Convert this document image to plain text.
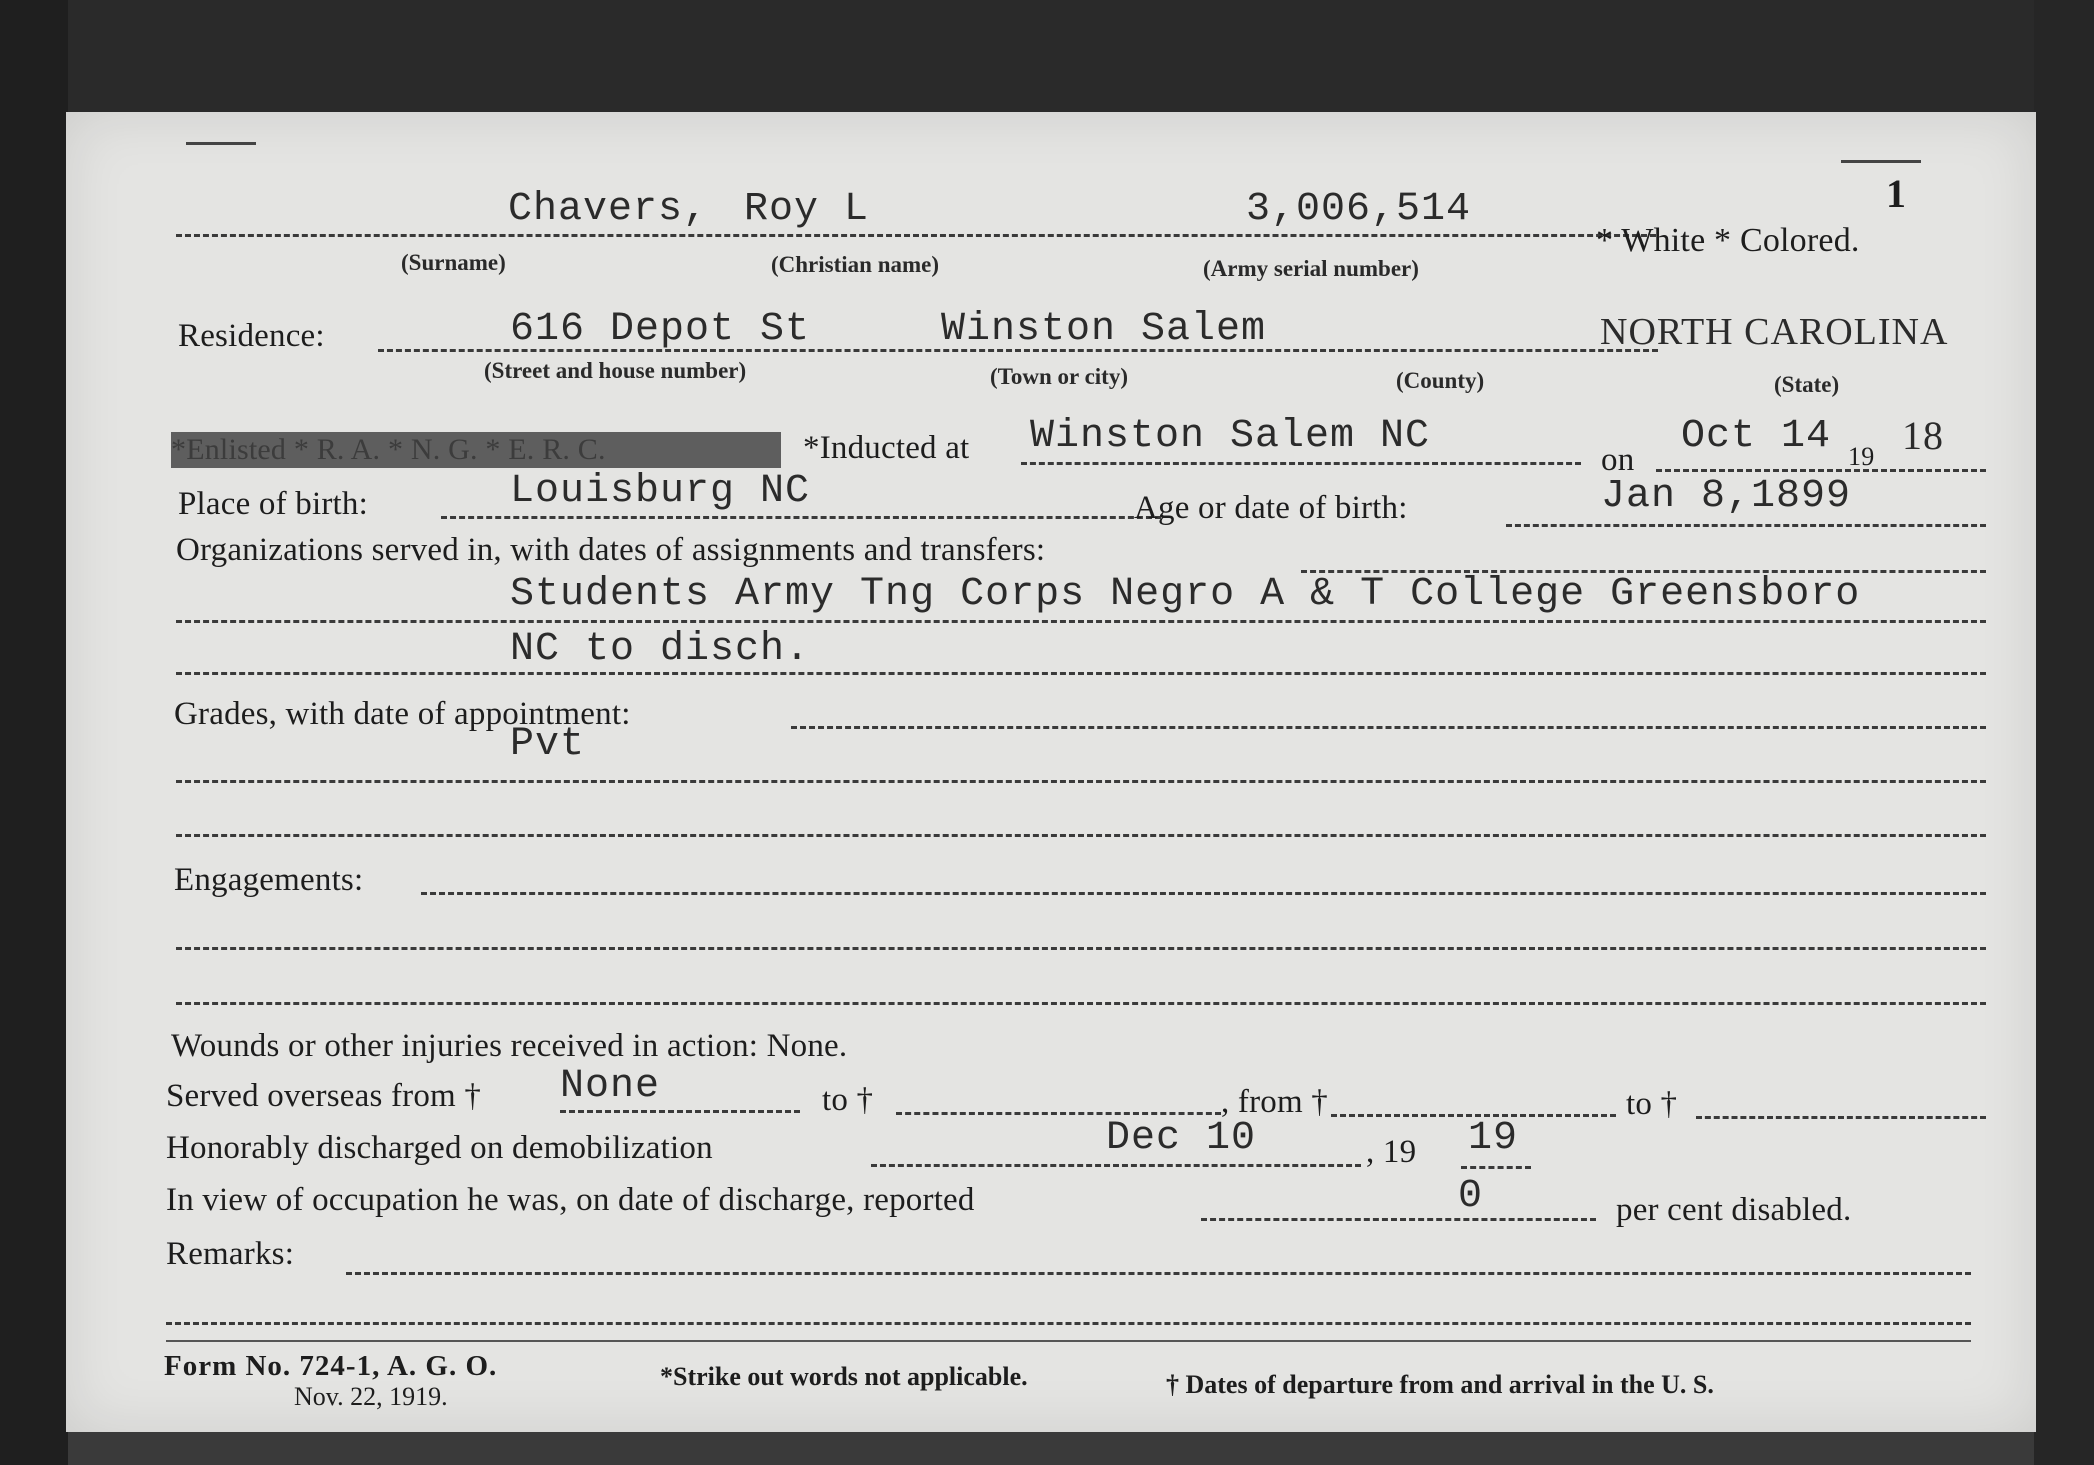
1
Chavers, Roy L	3,006,514
* White * Colored.
(Surname)	(Christian name)	(Army serial number)
Residence:	616 Depot St	Winston Salem	NORTH CAROLINA
(Street and house number)	(Town or city)	(County)	(State)
*Enlisted * R. A. * N. G. * E. R. C.	*Inducted at Winston Salem NC
on
Oct 14 19 18
Place of birth:	Louisburg NC	Age or date of birth:	Jan 8,1899
Organizations served in, with dates of assignments and transfers:
Students Army Tng Corps Negro A & T College Greensboro
NC to disch.
Grades, with date of appointment:
Pvt
Engagements:
Wounds or other injuries received in action: None.
Served overseas from † None	to †	, from †	to †
Honorably discharged on demobilization	Dec 10	, 19 19
In view of occupation he was, on date of discharge, reported	0	per cent disabled.
Remarks:
Form No. 724-1, A. G. O.
Nov. 22, 1919.
*Strike out words not applicable.	† Dates of departure from and arrival in the U. S.
